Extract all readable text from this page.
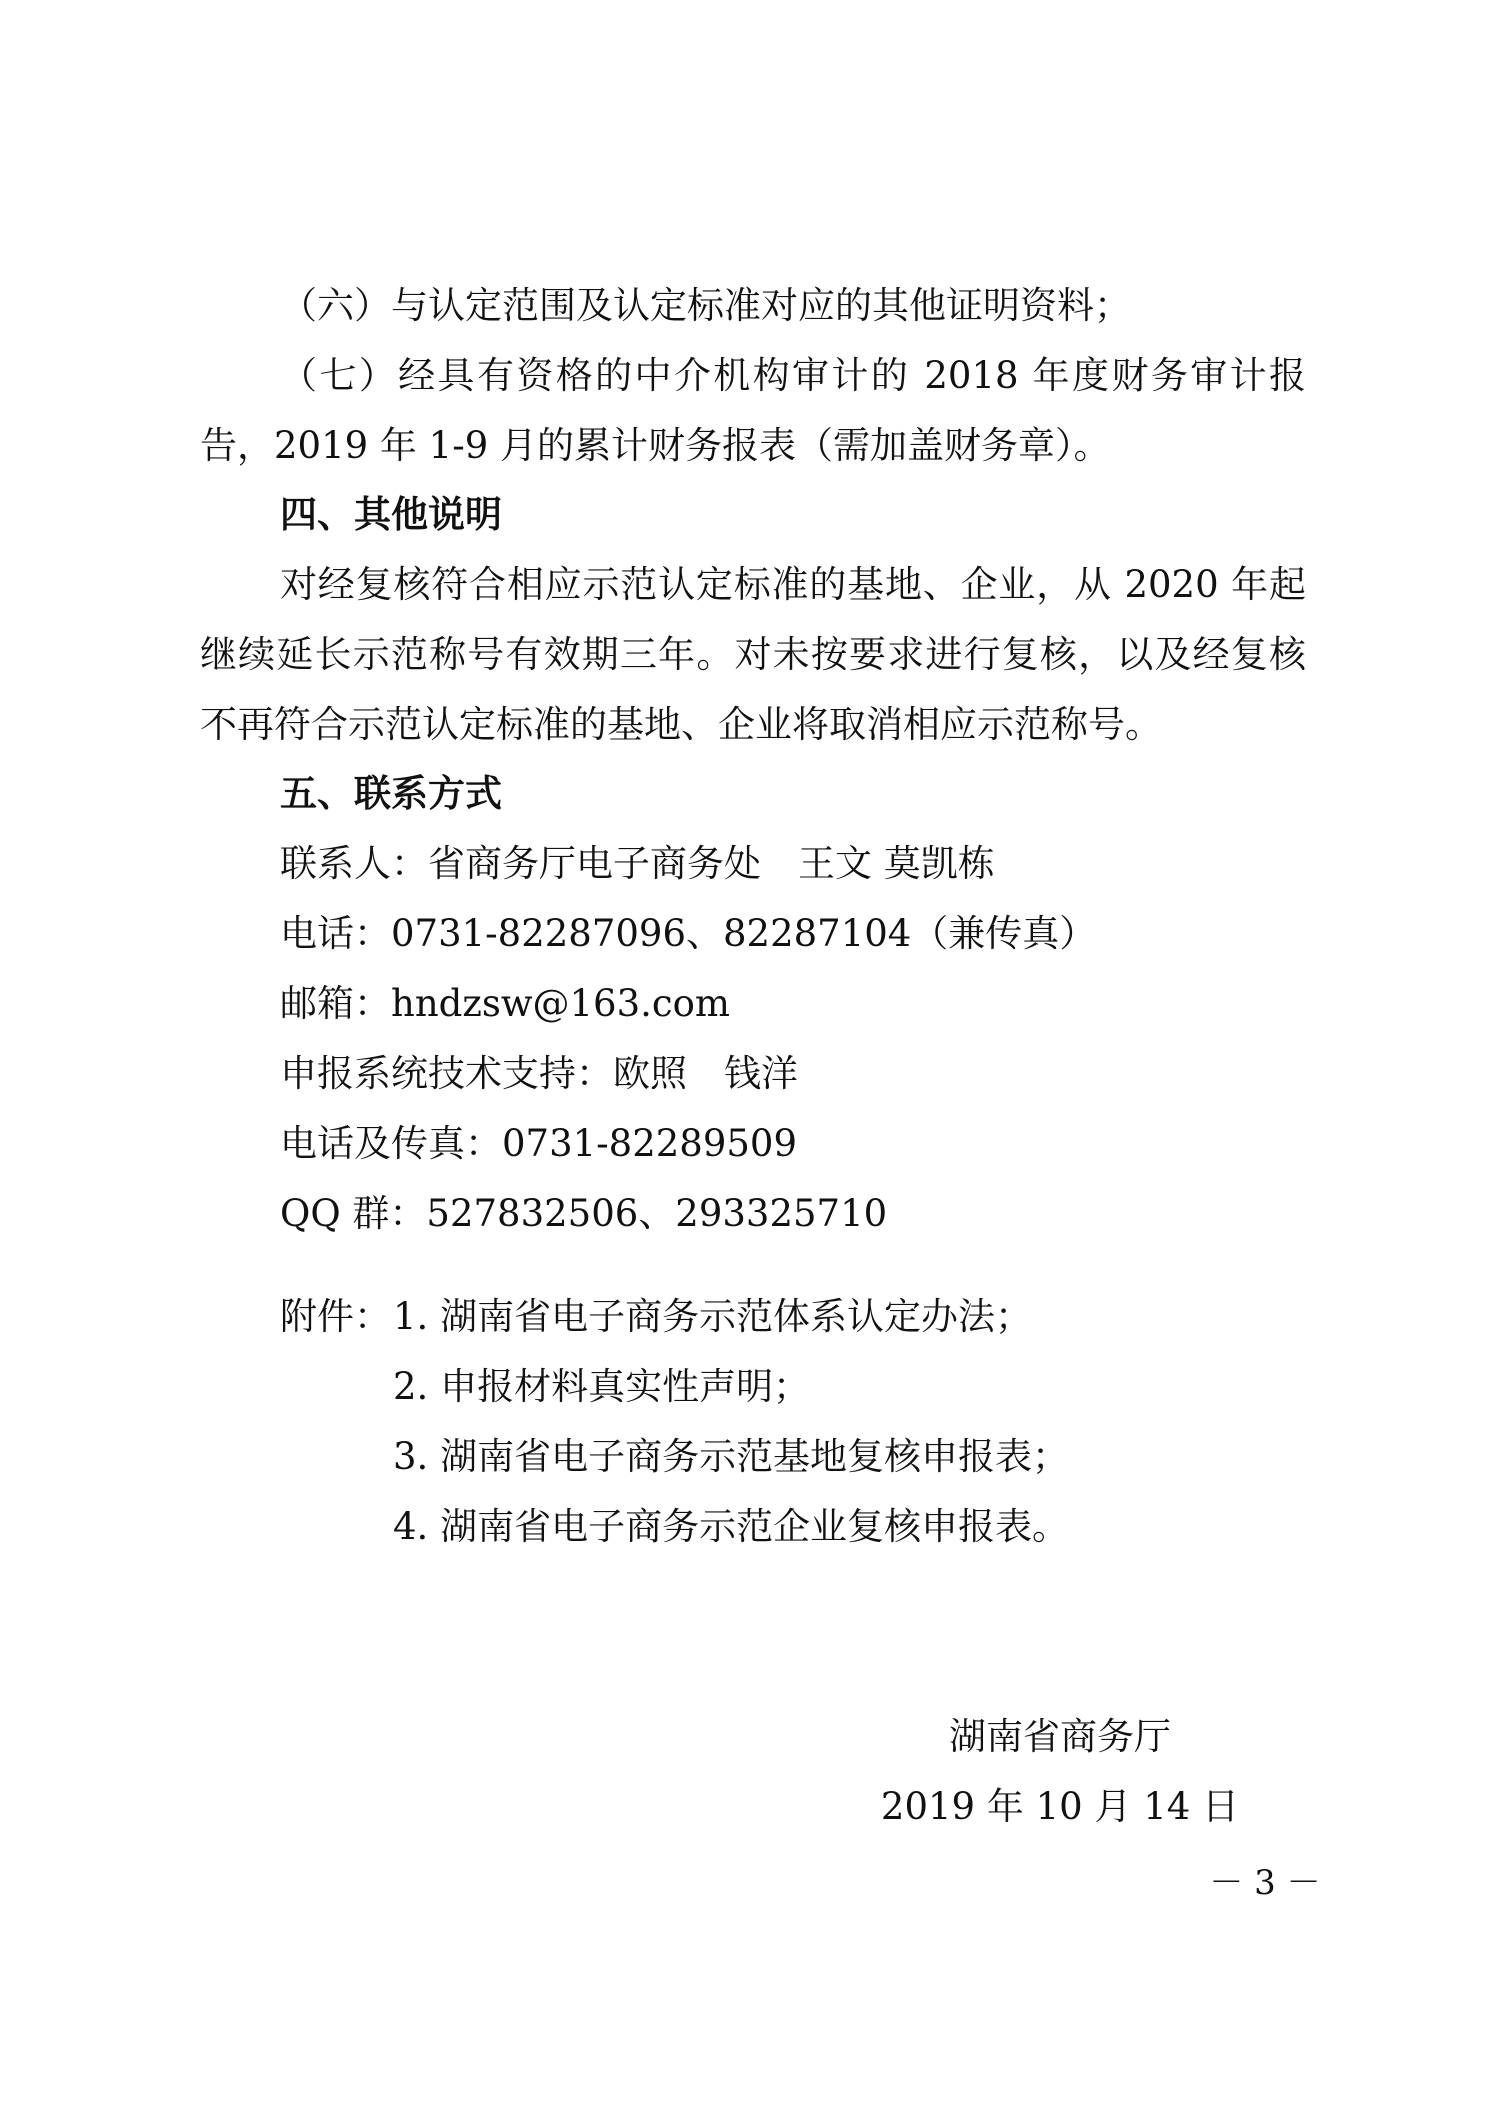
（六）与认定范围及认定标准对应的其他证明资料；
（七）经具有资格的中介机构审计的 2018 年度财务审计报
告，2019 年 1-9 月的累计财务报表（需加盖财务章）。
四、其他说明
对经复核符合相应示范认定标准的基地、企业，从 2020 年起
继续延长示范称号有效期三年。对未按要求进行复核，以及经复核
不再符合示范认定标准的基地、企业将取消相应示范称号。
五、联系方式
联系人：省商务厅电子商务处　王文 莫凯栋
电话：0731-82287096、82287104（兼传真）
邮箱：hndzsw@163.com
申报系统技术支持：欧照　钱洋
电话及传真：0731-82289509
QQ 群：527832506、293325710
附件： 1. 湖南省电子商务示范体系认定办法；
2. 申报材料真实性声明；
3. 湖南省电子商务示范基地复核申报表；
4. 湖南省电子商务示范企业复核申报表。
湖南省商务厅
2019 年 10 月 14 日
－ 3 －
